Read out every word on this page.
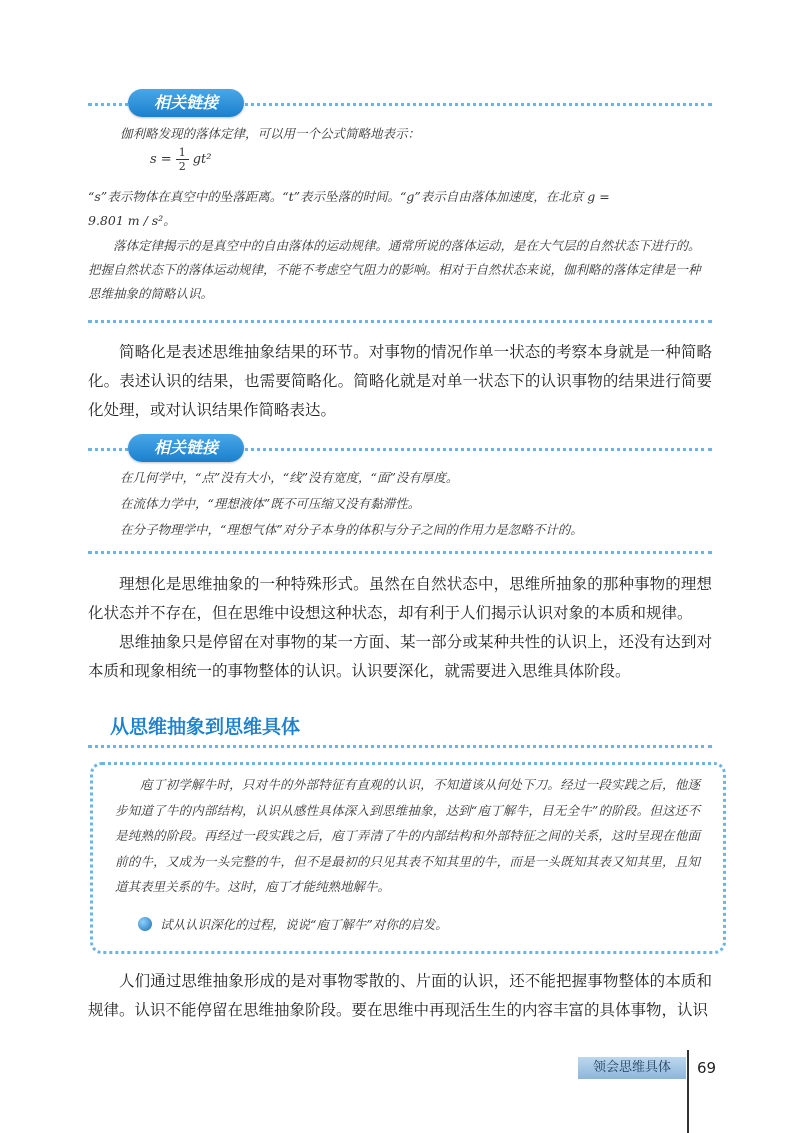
相关链接
伽利略发现的落体定律，可以用一个公式简略地表示：
$s = \frac{1}{2} gt^2$
“s”表示物体在真空中的坠落距离。“t”表示坠落的时间。“g”表示自由落体加速度，在北京 g =
9.801 m / s²。
落体定律揭示的是真空中的自由落体的运动规律。通常所说的落体运动，是在大气层的自然状态下进行的。把握自然状态下的落体运动规律，不能不考虑空气阻力的影响。相对于自然状态来说，伽利略的落体定律是一种思维抽象的简略认识。

简略化是表述思维抽象结果的环节。对事物的情况作单一状态的考察本身就是一种简略化。表述认识的结果，也需要简略化。简略化就是对单一状态下的认识事物的结果进行简要化处理，或对认识结果作简略表达。

相关链接
在几何学中，“点”没有大小，“线”没有宽度，“面”没有厚度。
在流体力学中，“理想液体”既不可压缩又没有黏滞性。
在分子物理学中，“理想气体”对分子本身的体积与分子之间的作用力是忽略不计的。

理想化是思维抽象的一种特殊形式。虽然在自然状态中，思维所抽象的那种事物的理想化状态并不存在，但在思维中设想这种状态，却有利于人们揭示认识对象的本质和规律。

思维抽象只是停留在对事物的某一方面、某一部分或某种共性的认识上，还没有达到对本质和现象相统一的事物整体的认识。认识要深化，就需要进入思维具体阶段。

从思维抽象到思维具体

庖丁初学解牛时，只对牛的外部特征有直观的认识，不知道该从何处下刀。经过一段实践之后，他逐步知道了牛的内部结构，认识从感性具体深入到思维抽象，达到“庖丁解牛，目无全牛”的阶段。但这还不是纯熟的阶段。再经过一段实践之后，庖丁弄清了牛的内部结构和外部特征之间的关系，这时呈现在他面前的牛，又成为一头完整的牛，但不是最初的只见其表不知其里的牛，而是一头既知其表又知其里，且知道其表里关系的牛。这时，庖丁才能纯熟地解牛。

试从认识深化的过程，说说“庖丁解牛”对你的启发。

人们通过思维抽象形成的是对事物零散的、片面的认识，还不能把握事物整体的本质和规律。认识不能停留在思维抽象阶段。要在思维中再现活生生的内容丰富的具体事物，认识

领会思维具体	69
